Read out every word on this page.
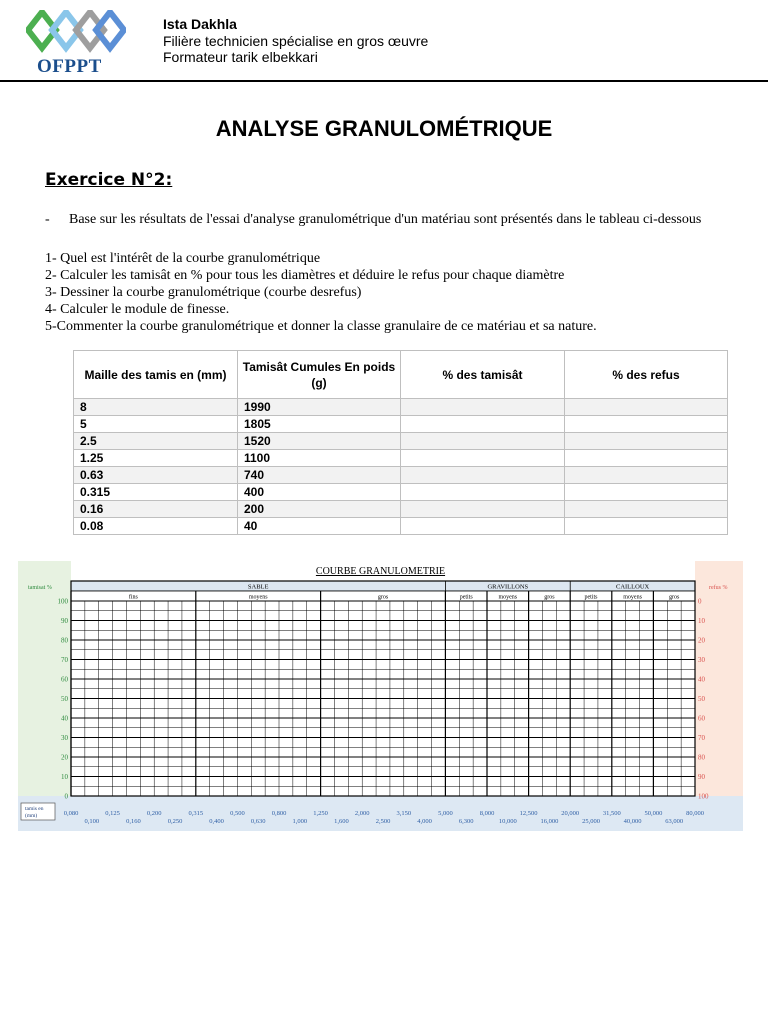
OFPPT
Ista Dakhla
Filière technicien spécialise en gros œuvre
Formateur tarik elbekkari
ANALYSE GRANULOMÉTRIQUE
Exercice N°2:
- Base sur les résultats de l'essai d'analyse granulométrique d'un matériau sont présentés dans le tableau ci-dessous
1- Quel est l'intérêt de la courbe granulométrique
2- Calculer les tamisât en % pour tous les diamètres et déduire le refus pour chaque diamètre
3- Dessiner la courbe granulométrique (courbe desrefus)
4- Calculer le module de finesse.
5-Commenter la courbe granulométrique et donner la classe granulaire de ce matériau et sa nature.
Maille des tamis en (mm)	Tamisât Cumules En poids (g)	% des tamisât	% des refus
8	1990		
5	1805		
2.5	1520		
1.25	1100		
0.63	740		
0.315	400		
0.16	200		
0.08	40		
COURBE GRANULOMETRIE
tamisat %	refus %
SABLE	GRAVILLONS	CAILLOUX
fins	moyens	gros	petits	moyens	gros	petits	moyens	gros
100
90
80
70
60
50
40
30
20
10
0
0
10
20
30
40
50
60
70
80
90
100
0,080	0,125	0,200	0,315	0,500	0,800	1,250	2,000	3,150	5,000	8,000	12,500	20,000	31,500	50,000	80,000
0,100	0,160	0,250	0,400	0,630	1,000	1,600	2,500	4,000	6,300	10,000	16,000	25,000	40,000	63,000
tamis en
(mm)
